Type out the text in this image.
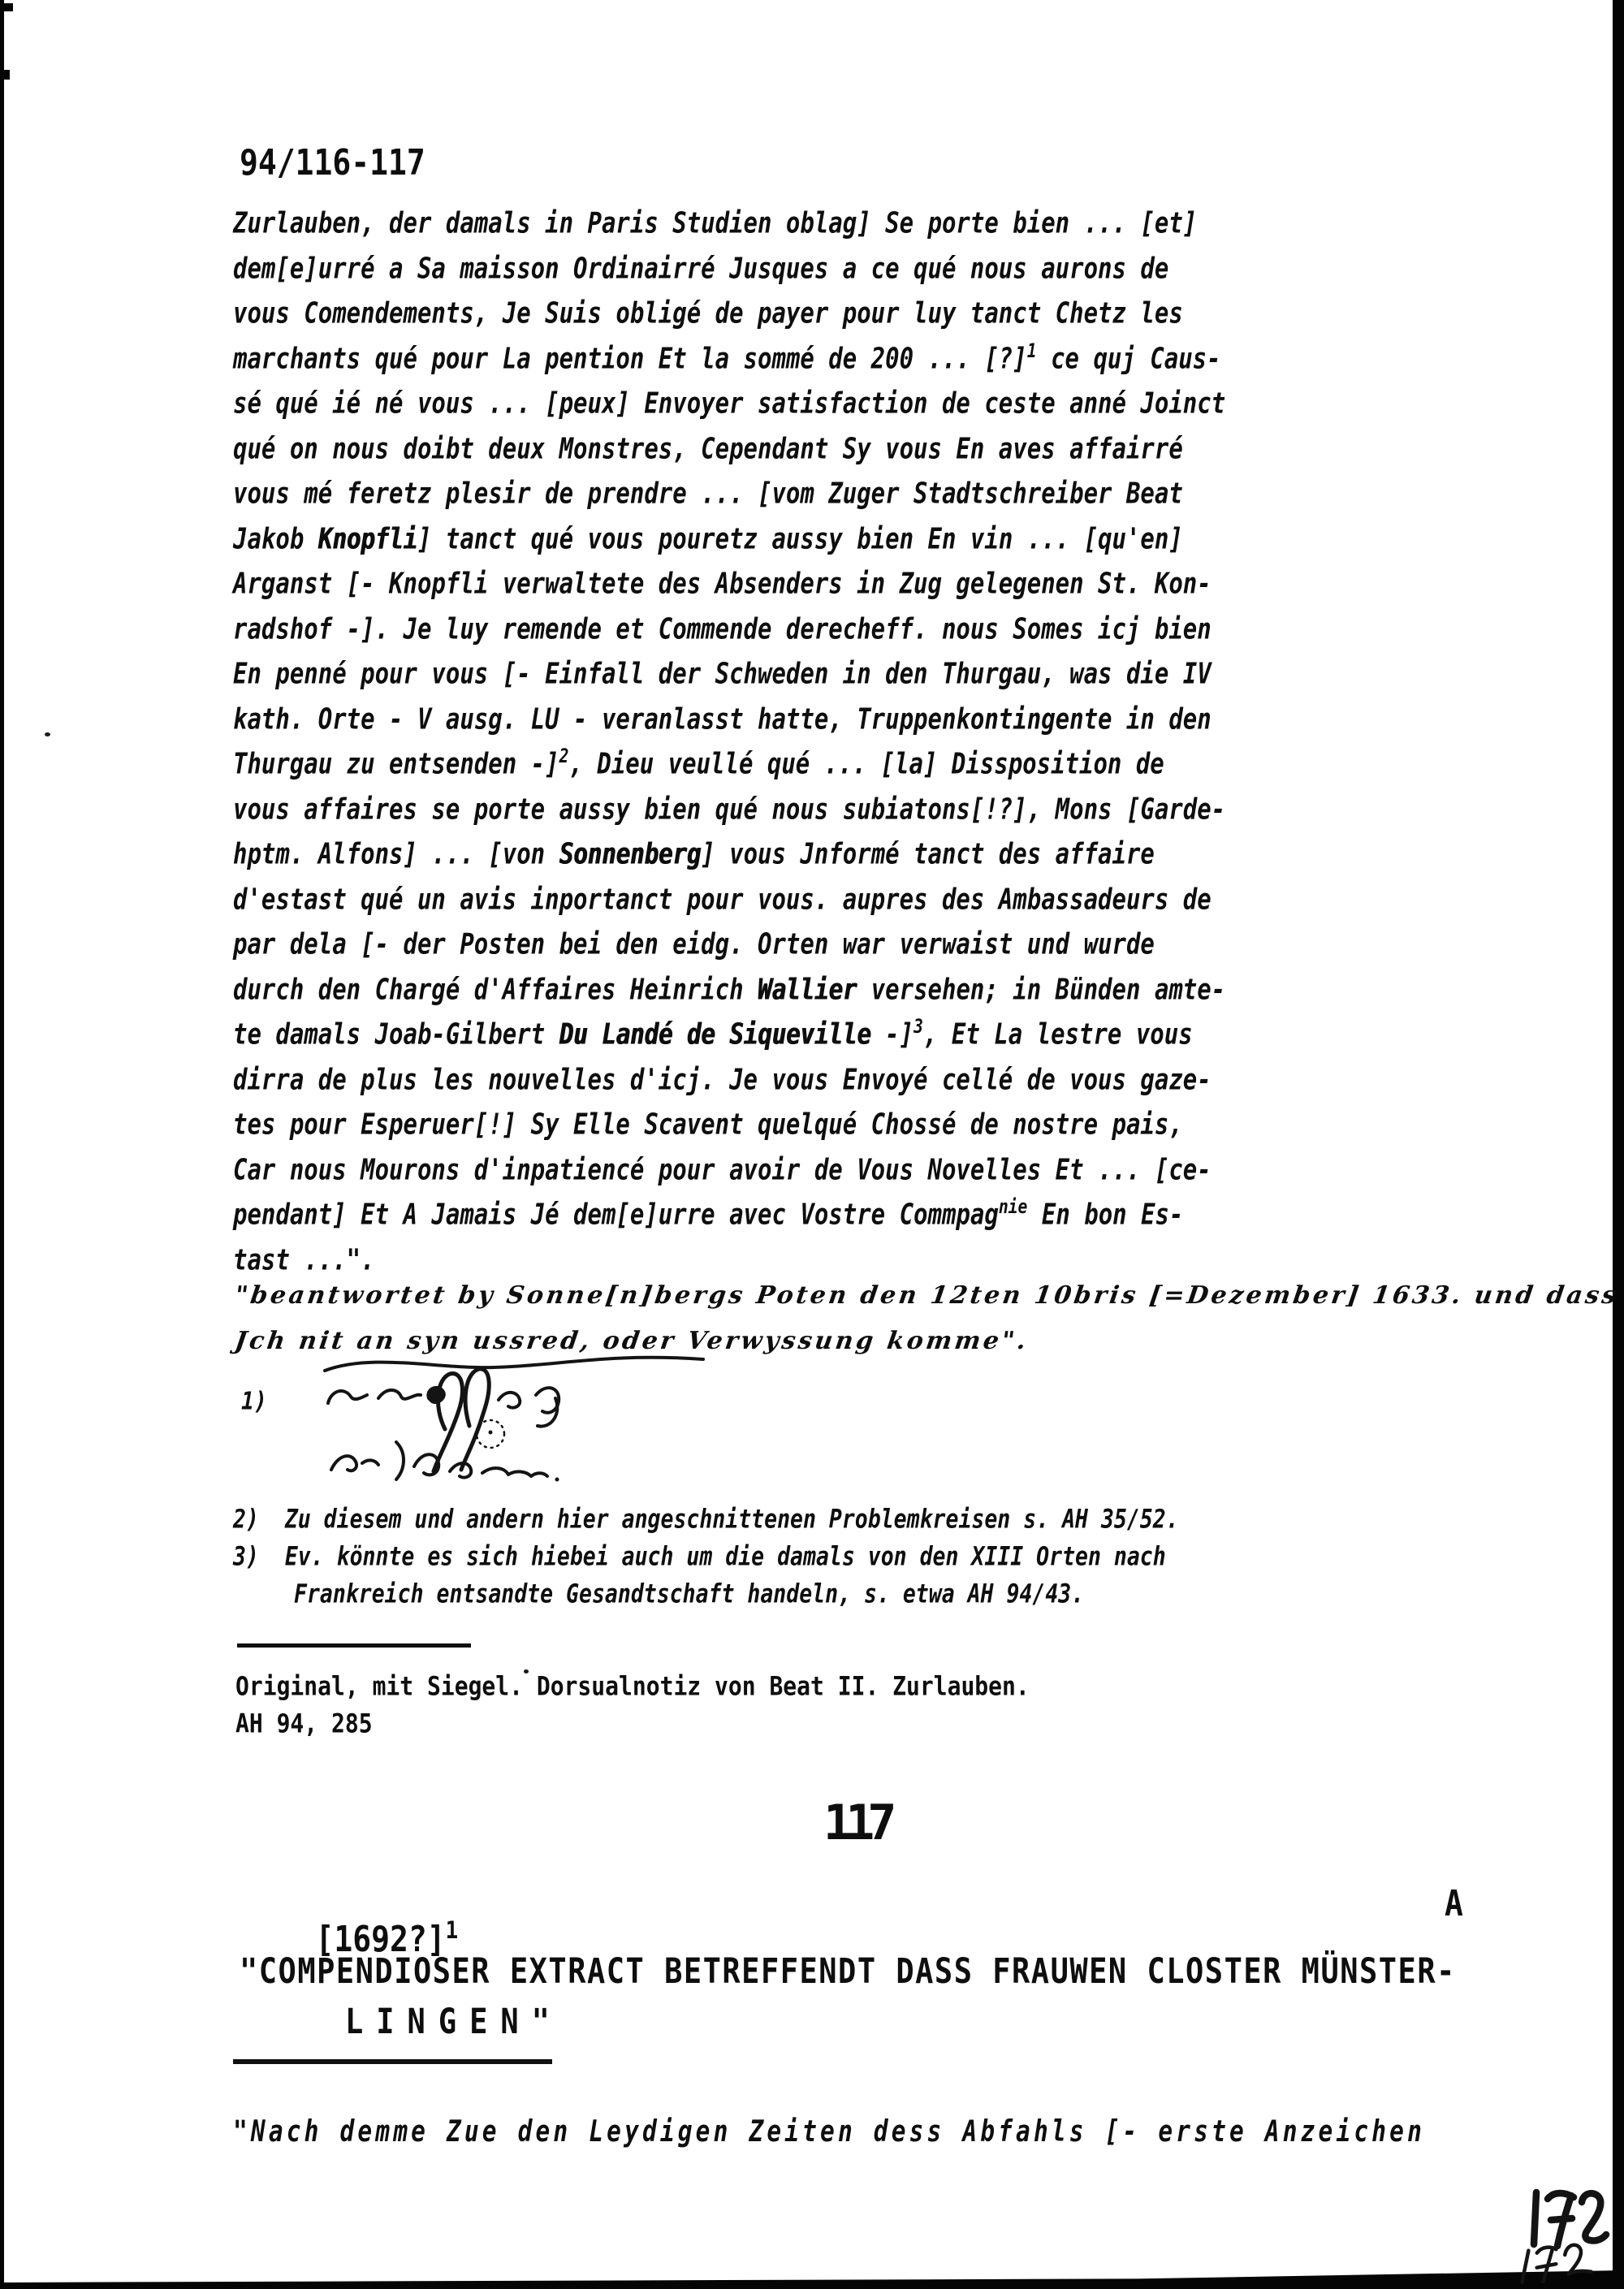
94/116-117
Zurlauben, der damals in Paris Studien oblag] Se porte bien ... [et]
dem[e]urré a Sa maisson Ordinairré Jusques a ce qué nous aurons de
vous Comendements, Je Suis obligé de payer pour luy tanct Chetz les
marchants qué pour La pention Et la sommé de 200 ... [?]$^1$ ce quj Caus-
sé qué ié né vous ... [peux] Envoyer satisfaction de ceste anné Joinct
qué on nous doibt deux Monstres, Cependant Sy vous En aves affairré
vous mé feretz plesir de prendre ... [vom Zuger Stadtschreiber Beat
Jakob Knopfli] tanct qué vous pouretz aussy bien En vin ... [qu'en]
Arganst [- Knopfli verwaltete des Absenders in Zug gelegenen St. Kon-
radshof -]. Je luy remende et Commende derecheff. nous Somes icj bien
En penné pour vous [- Einfall der Schweden in den Thurgau, was die IV
kath. Orte - V ausg. LU - veranlasst hatte, Truppenkontingente in den
Thurgau zu entsenden -]$^2$, Dieu veullé qué ... [la] Dissposition de
vous affaires se porte aussy bien qué nous subiatons[!?], Mons [Garde-
hptm. Alfons] ... [von Sonnenberg] vous Jnformé tanct des affaire
d'estast qué un avis inportanct pour vous. aupres des Ambassadeurs de
par dela [- der Posten bei den eidg. Orten war verwaist und wurde
durch den Chargé d'Affaires Heinrich Wallier versehen; in Bünden amte-
te damals Joab-Gilbert Du Landé de Siqueville -]$^3$, Et La lestre vous
dirra de plus les nouvelles d'icj. Je vous Envoyé cellé de vous gaze-
tes pour Esperuer[!] Sy Elle Scavent quelqué Chossé de nostre pais,
Car nous Mourons d'inpatiencé pour avoir de Vous Novelles Et ... [ce-
pendant] Et A Jamais Jé dem[e]urre avec Vostre Commpag$^{nie}$ En bon Es-
tast ...".
"beantwortet by Sonne[n]bergs Poten den 12ten 10bris [=Dezember] 1633. und dass
Jch nit an syn ussred, oder Verwyssung komme".
1)
2)  Zu diesem und andern hier angeschnittenen Problemkreisen s. AH 35/52.
3)  Ev. könnte es sich hiebei auch um die damals von den XIII Orten nach
Frankreich entsandte Gesandtschaft handeln, s. etwa AH 94/43.
Original, mit Siegel. Dorsualnotiz von Beat II. Zurlauben.
AH 94, 285
117

[1692?]$^1$

A
"COMPENDIOSER EXTRACT BETREFFENDT DASS FRAUWEN CLOSTER MÜNSTER-
LINGEN"
"Nach demme Zue den Leydigen Zeiten dess Abfahls [- erste Anzeichen
